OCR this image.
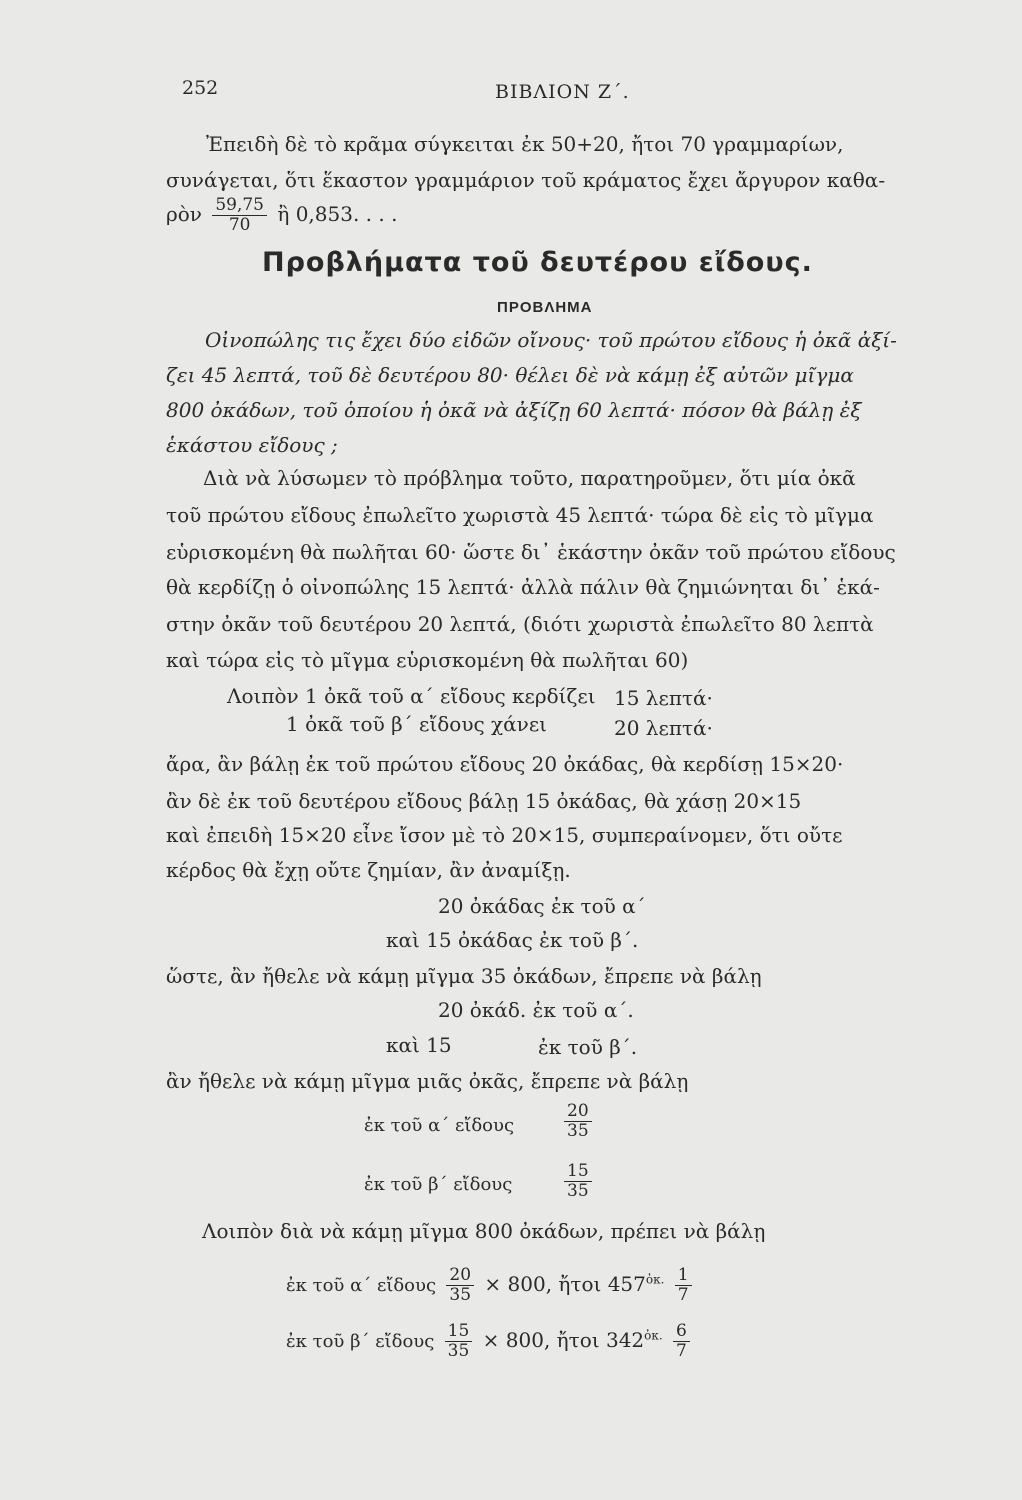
252	ΒΙΒΛΙΟΝ Ζ΄.
Ἐπειδὴ δὲ τὸ κρᾶμα σύγκειται ἐκ 50+20, ἤτοι 70 γραμμαρίων,
συνάγεται, ὅτι ἕκαστον γραμμάριον τοῦ κράματος ἔχει ἄργυρον καθα-
ρὸν $\frac{59,75}{70}$ ἢ 0,853. . . .
Προβλήματα τοῦ δευτέρου εἴδους.
ΠΡΟΒΛΗΜΑ
Οἰνοπώλης τις ἔχει δύο εἰδῶν οἴνους· τοῦ πρώτου εἴδους ἡ ὀκᾶ ἀξί-
ζει 45 λεπτά, τοῦ δὲ δευτέρου 80· θέλει δὲ νὰ κάμῃ ἐξ αὐτῶν μῖγμα
800 ὀκάδων, τοῦ ὁποίου ἡ ὀκᾶ νὰ ἀξίζῃ 60 λεπτά· πόσον θὰ βάλῃ ἐξ
ἑκάστου εἴδους ;
Διὰ νὰ λύσωμεν τὸ πρόβλημα τοῦτο, παρατηροῦμεν, ὅτι μία ὀκᾶ
τοῦ πρώτου εἴδους ἐπωλεῖτο χωριστὰ 45 λεπτά· τώρα δὲ εἰς τὸ μῖγμα
εὑρισκομένη θὰ πωλῆται 60· ὥστε δι᾽ ἑκάστην ὀκᾶν τοῦ πρώτου εἴδους
θὰ κερδίζῃ ὁ οἰνοπώλης 15 λεπτά· ἀλλὰ πάλιν θὰ ζημιώνηται δι᾽ ἑκά-
στην ὀκᾶν τοῦ δευτέρου 20 λεπτά, (διότι χωριστὰ ἐπωλεῖτο 80 λεπτὰ
καὶ τώρα εἰς τὸ μῖγμα εὑρισκομένη θὰ πωλῆται 60)
Λοιπὸν 1 ὀκᾶ τοῦ α΄ εἴδους κερδίζει 15 λεπτά·
1 ὀκᾶ τοῦ β΄ εἴδους χάνει	20 λεπτά·
ἄρα, ἂν βάλῃ ἐκ τοῦ πρώτου εἴδους 20 ὀκάδας, θὰ κερδίσῃ 15×20·
ἂν δὲ ἐκ τοῦ δευτέρου εἴδους βάλῃ 15 ὀκάδας, θὰ χάσῃ 20×15
καὶ ἐπειδὴ 15×20 εἶνε ἴσον μὲ τὸ 20×15, συμπεραίνομεν, ὅτι οὔτε
κέρδος θὰ ἔχῃ οὔτε ζημίαν, ἂν ἀναμίξῃ.
20 ὀκάδας ἐκ τοῦ α΄
καὶ 15 ὀκάδας ἐκ τοῦ β΄.
ὥστε, ἂν ἤθελε νὰ κάμῃ μῖγμα 35 ὀκάδων, ἔπρεπε νὰ βάλῃ
20 ὀκάδ. ἐκ τοῦ α΄.
καὶ 15	ἐκ τοῦ β΄.
ἂν ἤθελε νὰ κάμῃ μῖγμα μιᾶς ὀκᾶς, ἔπρεπε νὰ βάλῃ
ἐκ τοῦ α΄ εἴδους	$\frac{20}{35}$
ἐκ τοῦ β΄ εἴδους	$\frac{15}{35}$
Λοιπὸν διὰ νὰ κάμῃ μῖγμα 800 ὀκάδων, πρέπει νὰ βάλῃ
ἐκ τοῦ α΄ εἴδους $\frac{20}{35} \times 800$, ἤτοι $457^{ὀ\kappa.} \frac{1}{7}$
ἐκ τοῦ β΄ εἴδους $\frac{15}{35} \times 800$, ἤτοι $342^{ὀ\kappa.} \frac{6}{7}$
